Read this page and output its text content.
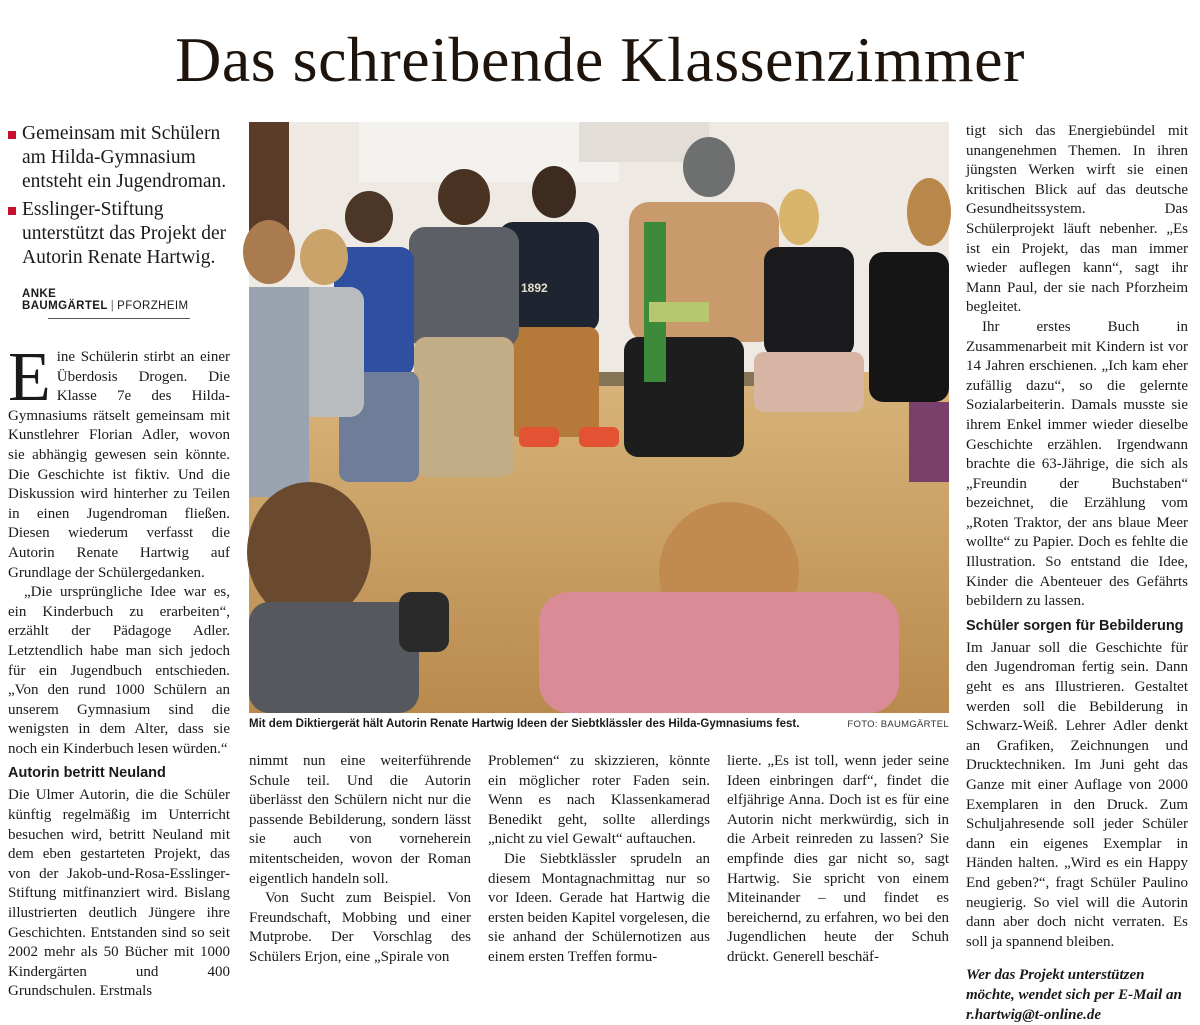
Das schreibende Klassenzimmer
Gemeinsam mit Schülern am Hilda-Gymnasium entsteht ein Jugendroman.
Esslinger-Stiftung unterstützt das Projekt der Autorin Renate Hartwig.
ANKE BAUMGÄRTEL | PFORZHEIM

Eine Schülerin stirbt an einer Überdosis Drogen. Die Klasse 7e des Hilda-Gymnasiums rätselt gemeinsam mit Kunstlehrer Florian Adler, wovon sie abhängig gewesen sein könnte. Die Geschichte ist fiktiv. Und die Diskussion wird hinterher zu Teilen in einen Jugendroman fließen. Diesen wiederum verfasst die Autorin Renate Hartwig auf Grundlage der Schülergedanken.

„Die ursprüngliche Idee war es, ein Kinderbuch zu erarbeiten“, erzählt der Pädagoge Adler. Letztendlich habe man sich jedoch für ein Jugendbuch entschieden. „Von den rund 1000 Schülern an unserem Gymnasium sind die wenigsten in dem Alter, dass sie noch ein Kinderbuch lesen würden.“

Autorin betritt Neuland

Die Ulmer Autorin, die die Schüler künftig regelmäßig im Unterricht besuchen wird, betritt Neuland mit dem eben gestarteten Projekt, das von der Jakob-und-Rosa-Esslinger-Stiftung mitfinanziert wird. Bislang illustrierten deutlich Jüngere ihre Geschichten. Entstanden sind so seit 2002 mehr als 50 Bücher mit 1000 Kindergärten und 400 Grundschulen. Erstmals

1892
Mit dem Diktiergerät hält Autorin Renate Hartwig Ideen der Siebtklässler des Hilda-Gymnasiums fest.	FOTO: BAUMGÄRTEL

nimmt nun eine weiterführende Schule teil. Und die Autorin überlässt den Schülern nicht nur die passende Bebilderung, sondern lässt sie auch von vorneherein mitentscheiden, wovon der Roman eigentlich handeln soll.

Von Sucht zum Beispiel. Von Freundschaft, Mobbing und einer Mutprobe. Der Vorschlag des Schülers Erjon, eine „Spirale von

Problemen“ zu skizzieren, könnte ein möglicher roter Faden sein. Wenn es nach Klassenkamerad Benedikt geht, sollte allerdings „nicht zu viel Gewalt“ auftauchen.

Die Siebtklässler sprudeln an diesem Montagnachmittag nur so vor Ideen. Gerade hat Hartwig die ersten beiden Kapitel vorgelesen, die sie anhand der Schülernotizen aus einem ersten Treffen formu-

lierte. „Es ist toll, wenn jeder seine Ideen einbringen darf“, findet die elfjährige Anna. Doch ist es für eine Autorin nicht merkwürdig, sich in die Arbeit reinreden zu lassen? Sie empfinde dies gar nicht so, sagt Hartwig. Sie spricht von einem Miteinander – und findet es bereichernd, zu erfahren, wo bei den Jugendlichen heute der Schuh drückt. Generell beschäf-

tigt sich das Energiebündel mit unangenehmen Themen. In ihren jüngsten Werken wirft sie einen kritischen Blick auf das deutsche Gesundheitssystem. Das Schülerprojekt läuft nebenher. „Es ist ein Projekt, das man immer wieder auflegen kann“, sagt ihr Mann Paul, der sie nach Pforzheim begleitet.

Ihr erstes Buch in Zusammenarbeit mit Kindern ist vor 14 Jahren erschienen. „Ich kam eher zufällig dazu“, so die gelernte Sozialarbeiterin. Damals musste sie ihrem Enkel immer wieder dieselbe Geschichte erzählen. Irgendwann brachte die 63-Jährige, die sich als „Freundin der Buchstaben“ bezeichnet, die Erzählung vom „Roten Traktor, der ans blaue Meer wollte“ zu Papier. Doch es fehlte die Illustration. So entstand die Idee, Kinder die Abenteuer des Gefährts bebildern zu lassen.

Schüler sorgen für Bebilderung

Im Januar soll die Geschichte für den Jugendroman fertig sein. Dann geht es ans Illustrieren. Gestaltet werden soll die Bebilderung in Schwarz-Weiß. Lehrer Adler denkt an Grafiken, Zeichnungen und Drucktechniken. Im Juni geht das Ganze mit einer Auflage von 2000 Exemplaren in den Druck. Zum Schuljahresende soll jeder Schüler dann ein eigenes Exemplar in Händen halten. „Wird es ein Happy End geben?“, fragt Schüler Paulino neugierig. So viel will die Autorin dann aber doch nicht verraten. Es soll ja spannend bleiben.

Wer das Projekt unterstützen möchte, wendet sich per E-Mail an r.hartwig@t-online.de
